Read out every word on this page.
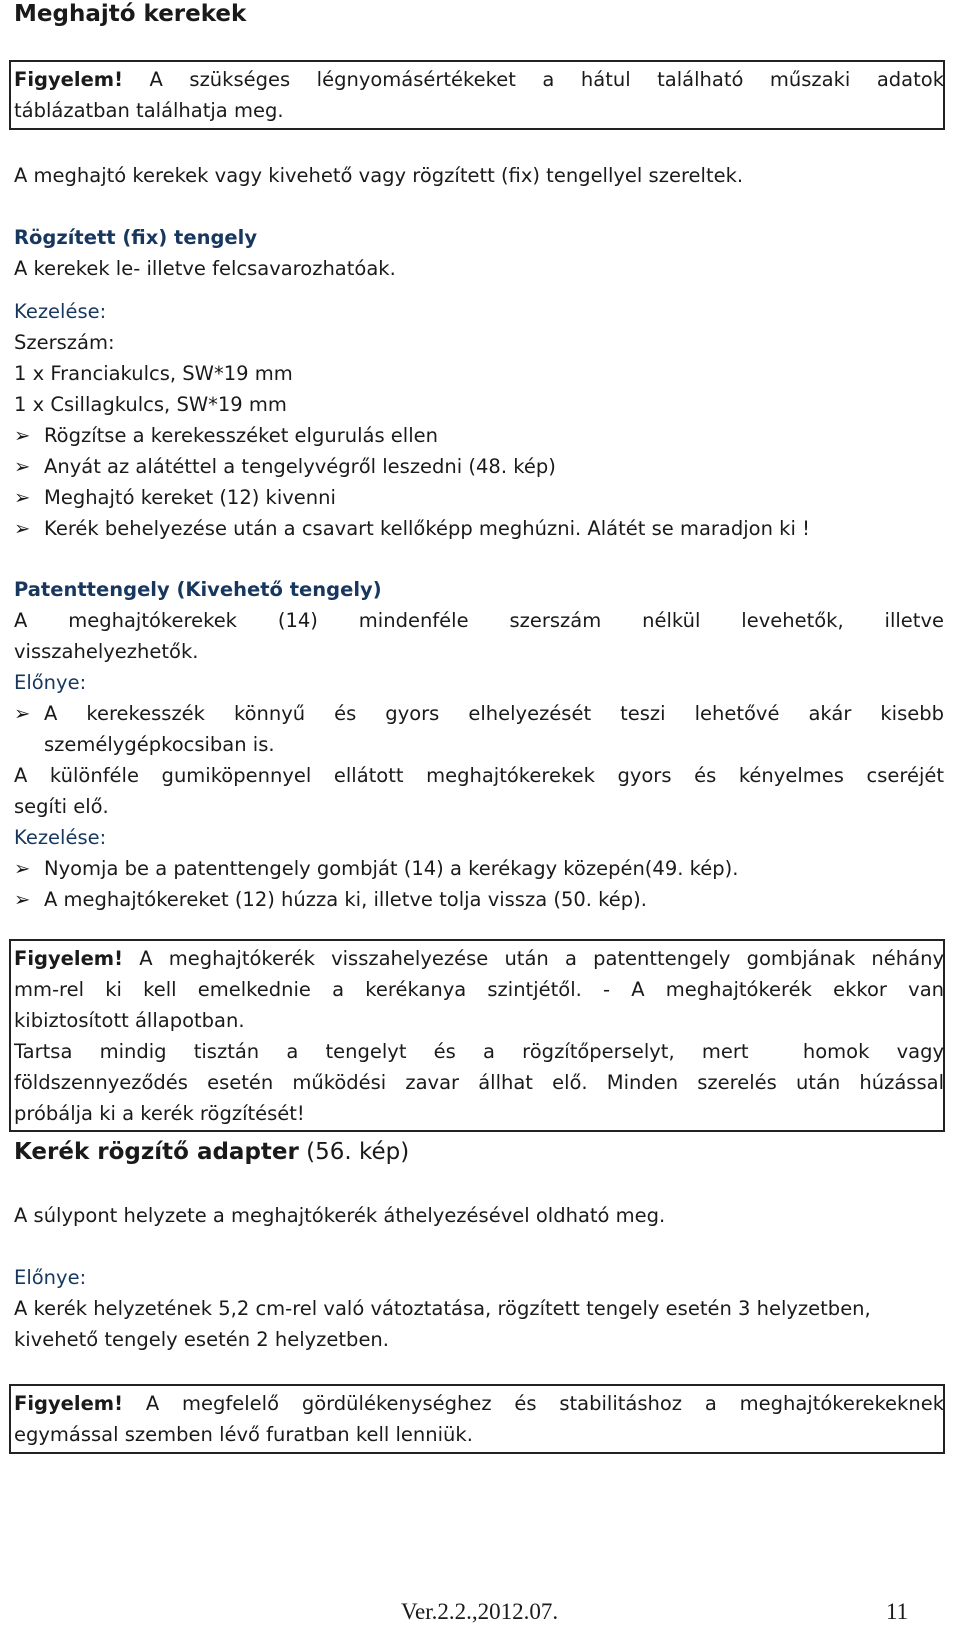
Meghajtó kerekek
Figyelem! A szükséges légnyomásértékeket a hátul található műszaki adatok
táblázatban találhatja meg.
A meghajtó kerekek vagy kivehető vagy rögzített (fix) tengellyel szereltek.
Rögzített (fix) tengely
A kerekek le- illetve felcsavarozhatóak.
Kezelése:
Szerszám:
1 x Franciakulcs, SW*19 mm
1 x Csillagkulcs, SW*19 mm
➢ Rögzítse a kerekesszéket elgurulás ellen
➢ Anyát az alátéttel a tengelyvégről leszedni (48. kép)
➢ Meghajtó kereket (12) kivenni
➢ Kerék behelyezése után a csavart kellőképp meghúzni. Alátét se maradjon ki !
Patenttengely (Kivehető tengely)
A meghajtókerekek (14) mindenféle szerszám nélkül levehetők, illetve
visszahelyezhetők.
Előnye:
➢ A kerekesszék könnyű és gyors elhelyezését teszi lehetővé akár kisebb
személygépkocsiban is.
A különféle gumiköpennyel ellátott meghajtókerekek gyors és kényelmes cseréjét
segíti elő.
Kezelése:
➢ Nyomja be a patenttengely gombját (14) a kerékagy közepén(49. kép).
➢ A meghajtókereket (12) húzza ki, illetve tolja vissza (50. kép).
Figyelem! A meghajtókerék visszahelyezése után a patenttengely gombjának néhány
mm-rel ki kell emelkednie a kerékanya szintjétől. - A meghajtókerék ekkor van
kibiztosított állapotban.
Tartsa mindig tisztán a tengelyt és a rögzítőperselyt, mert  homok vagy
földszennyeződés esetén működési zavar állhat elő. Minden szerelés után húzással
próbálja ki a kerék rögzítését!
Kerék rögzítő adapter (56. kép)
A súlypont helyzete a meghajtókerék áthelyezésével oldható meg.
Előnye:
A kerék helyzetének 5,2 cm-rel való vátoztatása, rögzített tengely esetén 3 helyzetben,
kivehető tengely esetén 2 helyzetben.
Figyelem! A megfelelő gördülékenységhez és stabilitáshoz a meghajtókerekeknek
egymással szemben lévő furatban kell lenniük.
Ver.2.2.,2012.07.	11
